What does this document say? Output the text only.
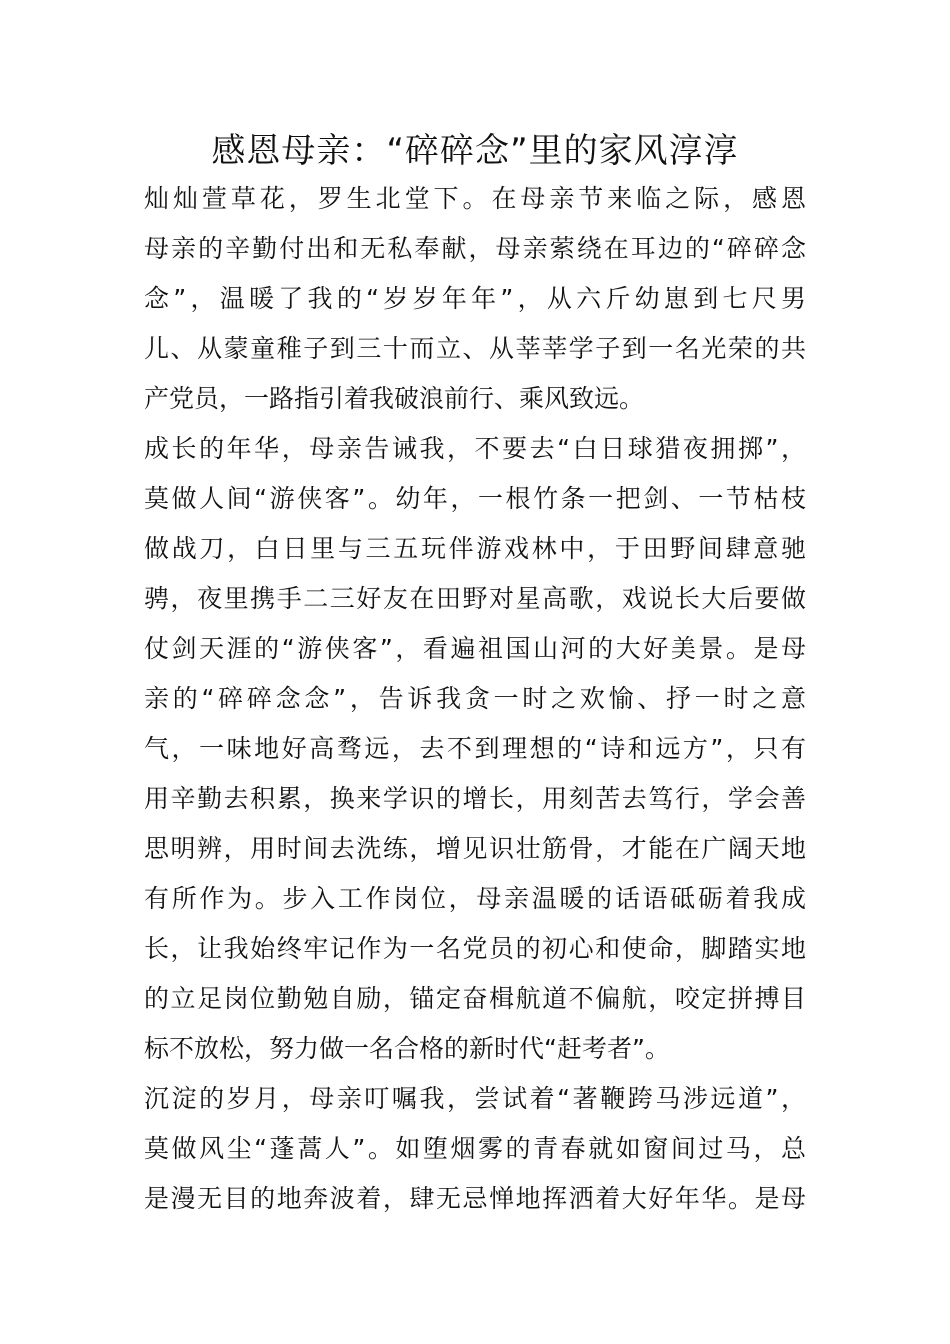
感恩母亲：“碎碎念”里的家风淳淳

灿灿萱草花，罗生北堂下。在母亲节来临之际，感恩

母亲的辛勤付出和无私奉献，母亲萦绕在耳边的“碎碎念

念”，温暖了我的“岁岁年年”，从六斤幼崽到七尺男

儿、从蒙童稚子到三十而立、从莘莘学子到一名光荣的共

产党员，一路指引着我破浪前行、乘风致远。

成长的年华，母亲告诫我，不要去“白日球猎夜拥掷”，

莫做人间“游侠客”。幼年，一根竹条一把剑、一节枯枝

做战刀，白日里与三五玩伴游戏林中，于田野间肆意驰

骋，夜里携手二三好友在田野对星高歌，戏说长大后要做

仗剑天涯的“游侠客”，看遍祖国山河的大好美景。是母

亲的“碎碎念念”，告诉我贪一时之欢愉、抒一时之意

气，一味地好高骛远，去不到理想的“诗和远方”，只有

用辛勤去积累，换来学识的增长，用刻苦去笃行，学会善

思明辨，用时间去洗练，增见识壮筋骨，才能在广阔天地

有所作为。步入工作岗位，母亲温暖的话语砥砺着我成

长，让我始终牢记作为一名党员的初心和使命，脚踏实地

的立足岗位勤勉自励，锚定奋楫航道不偏航，咬定拼搏目

标不放松，努力做一名合格的新时代“赶考者”。

沉淀的岁月，母亲叮嘱我，尝试着“著鞭跨马涉远道”，

莫做风尘“蓬蒿人”。如堕烟雾的青春就如窗间过马，总

是漫无目的地奔波着，肆无忌惮地挥洒着大好年华。是母
